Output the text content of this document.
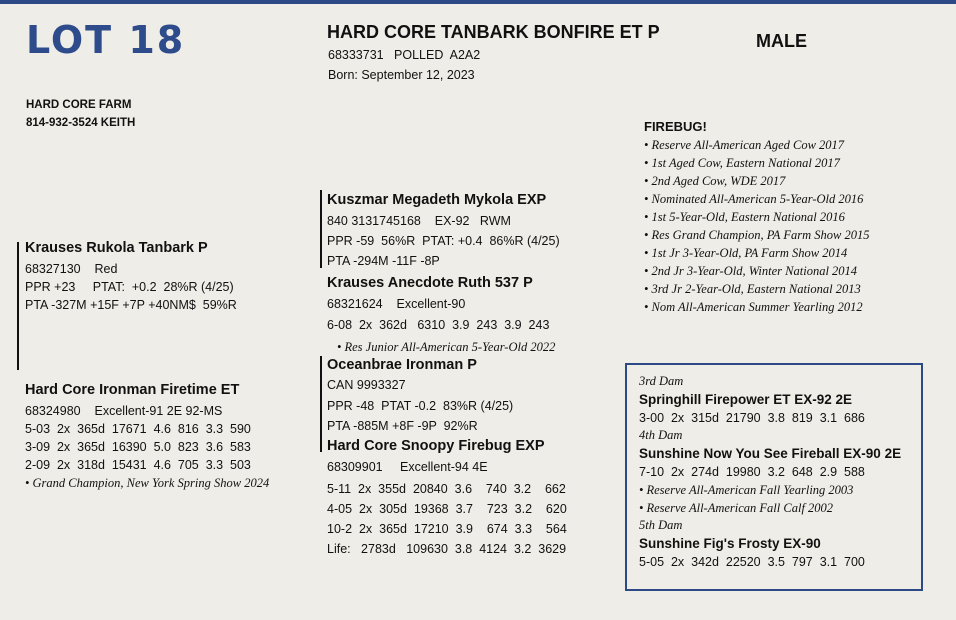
LOT 18
HARD CORE FARM
814-932-3524 KEITH
HARD CORE TANBARK BONFIRE ET P
68333731   POLLED  A2A2
Born: September 12, 2023
MALE
Krauses Rukola Tanbark P
68327130    Red
PPR +23     PTAT:  +0.2  28%R (4/25)
PTA -327M +15F +7P +40NM$  59%R
Hard Core Ironman Firetime ET
68324980    Excellent-91 2E 92-MS
5-03  2x  365d  17671  4.6  816  3.3  590
3-09  2x  365d  16390  5.0  823  3.6  583
2-09  2x  318d  15431  4.6  705  3.3  503
• Grand Champion, New York Spring Show 2024
Kuszmar Megadeth Mykola EXP
840 3131745168    EX-92   RWM
PPR -59  56%R  PTAT: +0.4  86%R (4/25)
PTA -294M -11F -8P
Krauses Anecdote Ruth 537 P
68321624    Excellent-90
6-08  2x  362d   6310  3.9  243  3.9  243
• Res Junior All-American 5-Year-Old 2022
Oceanbrae Ironman P
CAN 9993327
PPR -48  PTAT -0.2  83%R (4/25)
PTA -885M +8F -9P  92%R
Hard Core Snoopy Firebug EXP
68309901     Excellent-94 4E
5-11  2x  355d  20840  3.6    740  3.2    662
4-05  2x  305d  19368  3.7    723  3.2    620
10-2  2x  365d  17210  3.9    674  3.3    564
Life:   2783d   109630  3.8  4124  3.2  3629
FIREBUG!
• Reserve All-American Aged Cow 2017
• 1st Aged Cow, Eastern National 2017
• 2nd Aged Cow, WDE 2017
• Nominated All-American 5-Year-Old 2016
• 1st 5-Year-Old, Eastern National 2016
• Res Grand Champion, PA Farm Show 2015
• 1st Jr 3-Year-Old, PA Farm Show 2014
• 2nd Jr 3-Year-Old, Winter National 2014
• 3rd Jr 2-Year-Old, Eastern National 2013
• Nom All-American Summer Yearling 2012
3rd Dam
Springhill Firepower ET EX-92 2E
3-00  2x  315d  21790  3.8  819  3.1  686
4th Dam
Sunshine Now You See Fireball EX-90 2E
7-10  2x  274d  19980  3.2  648  2.9  588
• Reserve All-American Fall Yearling 2003
• Reserve All-American Fall Calf 2002
5th Dam
Sunshine Fig's Frosty EX-90
5-05  2x  342d  22520  3.5  797  3.1  700
